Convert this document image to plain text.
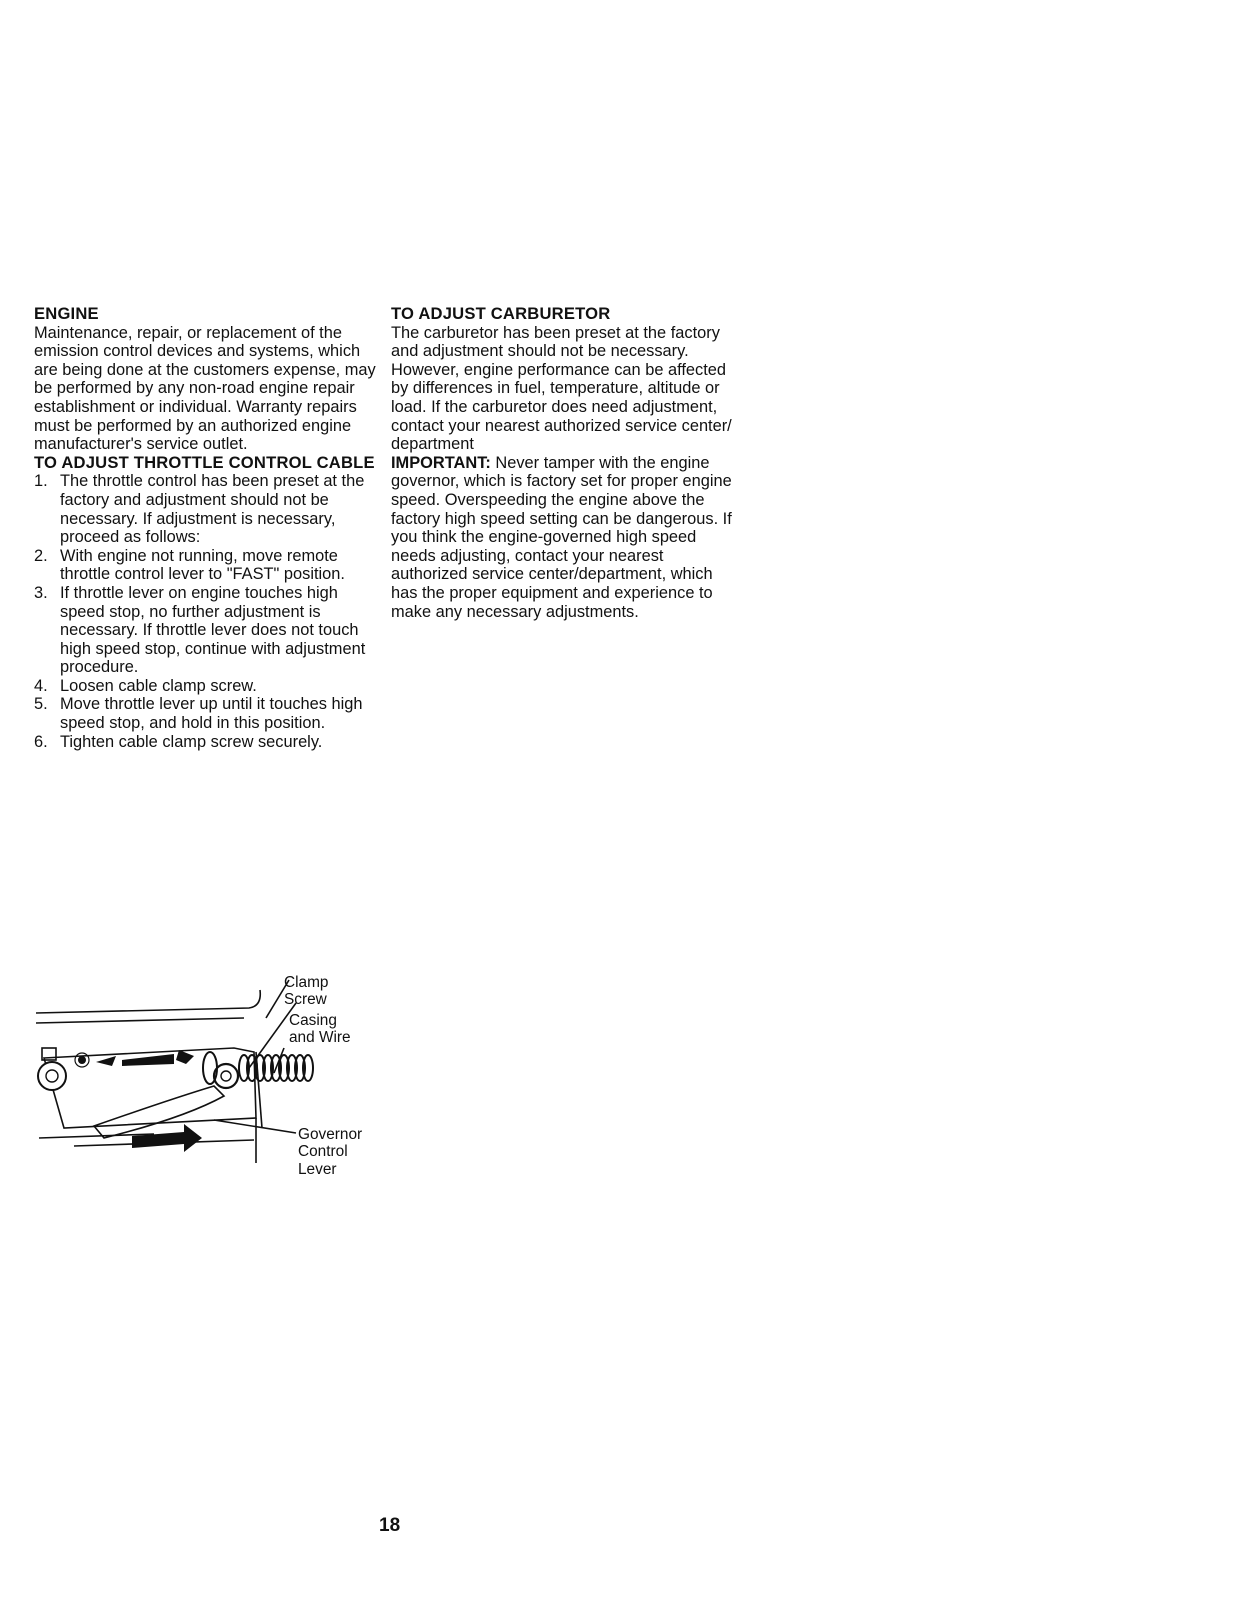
ENGINE

Maintenance, repair, or replacement of the emission control devices and systems, which are being done at the customers expense, may be performed by any non-road engine repair establishment or individual. Warranty repairs must be performed by an authorized engine manufacturer's service outlet.

TO ADJUST THROTTLE CONTROL CABLE

1. The throttle control has been preset at the factory and adjustment should not be necessary. If adjustment is necessary, proceed as follows:
2. With engine not running, move remote throttle control lever to "FAST" position.
3. If throttle lever on engine touches high speed stop, no further adjustment is necessary. If throttle lever does not touch high speed stop, continue with adjustment procedure.
4. Loosen cable clamp screw.
5. Move throttle lever up until it touches high speed stop, and hold in this position.
6. Tighten cable clamp screw securely.
Clamp
Screw
Casing
and Wire
Governor
Control
Lever

TO ADJUST CARBURETOR

The carburetor has been preset at the factory and adjustment should not be necessary. However, engine performance can be affected by differences in fuel, temperature, altitude or load. If the carburetor does need adjustment, contact your nearest authorized service center/ department

IMPORTANT: Never tamper with the engine governor, which is factory set for proper engine speed. Overspeeding the engine above the factory high speed setting can be dangerous. If you think the engine-governed high speed needs adjusting, contact your nearest authorized service center/department, which has the proper equipment and experience to make any necessary adjustments.

18
